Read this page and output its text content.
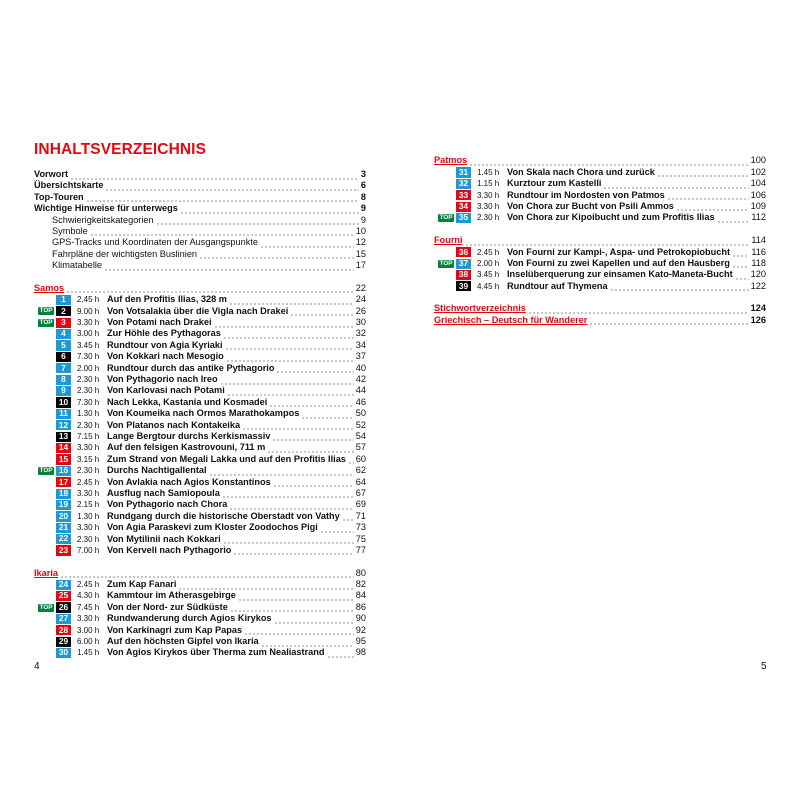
INHALTSVERZEICHNIS
Vorwort	3
Übersichtskarte	6
Top-Touren	8
Wichtige Hinweise für unterwegs	9
Schwierigkeitskategorien	9
Symbole	10
GPS-Tracks und Koordinaten der Ausgangspunkte	12
Fahrpläne der wichtigsten Buslinien	15
Klimatabelle	17
Samos	22
1	2.45 h Auf den Profitis Ilias, 328 m	24
TOP	2	9.00 h Von Votsalakia über die Vigla nach Drakei	26
TOP	3	3.30 h Von Potami nach Drakei	30
4	3.00 h Zur Höhle des Pythagoras	32
5	3.45 h Rundtour von Agia Kyriaki	34
6	7.30 h Von Kokkari nach Mesogio	37
7	2.00 h Rundtour durch das antike Pythagorio	40
8	2.30 h Von Pythagorio nach Ireo	42
9	2.30 h Von Karlovasi nach Potami	44
10	7.30 h Nach Lekka, Kastania und Kosmadei	46
11	1.30 h Von Koumeika nach Ormos Marathokampos	50
12	2.30 h Von Platanos nach Kontakeika	52
13	7.15 h Lange Bergtour durchs Kerkismassiv	54
14	3.30 h Auf den felsigen Kastrovouni, 711 m	57
15	3.15 h Zum Strand von Megali Lakka und auf den Profitis Ilias 60
TOP 16	2.30 h Durchs Nachtigallental	62
17	2.45 h Von Avlakia nach Agios Konstantinos	64
18	3.30 h Ausflug nach Samiopoula	67
19	2.15 h Von Pythagorio nach Chora	69
20	1.30 h Rundgang durch die historische Oberstadt von Vathy 71
21	3.30 h Von Agia Paraskevi zum Kloster Zoodochos Pigi	73
22	2.30 h Von Mytilinii nach Kokkari	75
23	7.00 h Von Kerveli nach Pythagorio	77
Ikaria	80
24	2.45 h Zum Kap Fanari	82
25	4.30 h Kammtour im Atherasgebirge	84
TOP 26	7.45 h Von der Nord- zur Südküste	86
27	3.30 h Rundwanderung durch Agios Kirykos	90
28	3.00 h Von Karkinagri zum Kap Papas	92
29	6.00 h Auf den höchsten Gipfel von Ikaria	95
30	1.45 h Von Agios Kirykos über Therma zum Nealiastrand	98
Patmos	100
31	1.45 h Von Skala nach Chora und zurück	102
32	1.15 h Kurztour zum Kastelli	104
33	3.30 h Rundtour im Nordosten von Patmos	106
34	3.30 h Von Chora zur Bucht von Psili Ammos	109
TOP 35	2.30 h Von Chora zur Kipoibucht und zum Profitis Ilias	112
Fourni	114
36	2.45 h Von Fourni zur Kampi-, Aspa- und Petrokopiobucht 116
TOP 37	2.00 h Von Fourni zu zwei Kapellen und auf den Hausberg 118
38	3.45 h Inselüberquerung zur einsamen Kato-Maneta-Bucht 120
39	4.45 h Rundtour auf Thymena	122
Stichwortverzeichnis	124
Griechisch – Deutsch für Wanderer	126
4	5
